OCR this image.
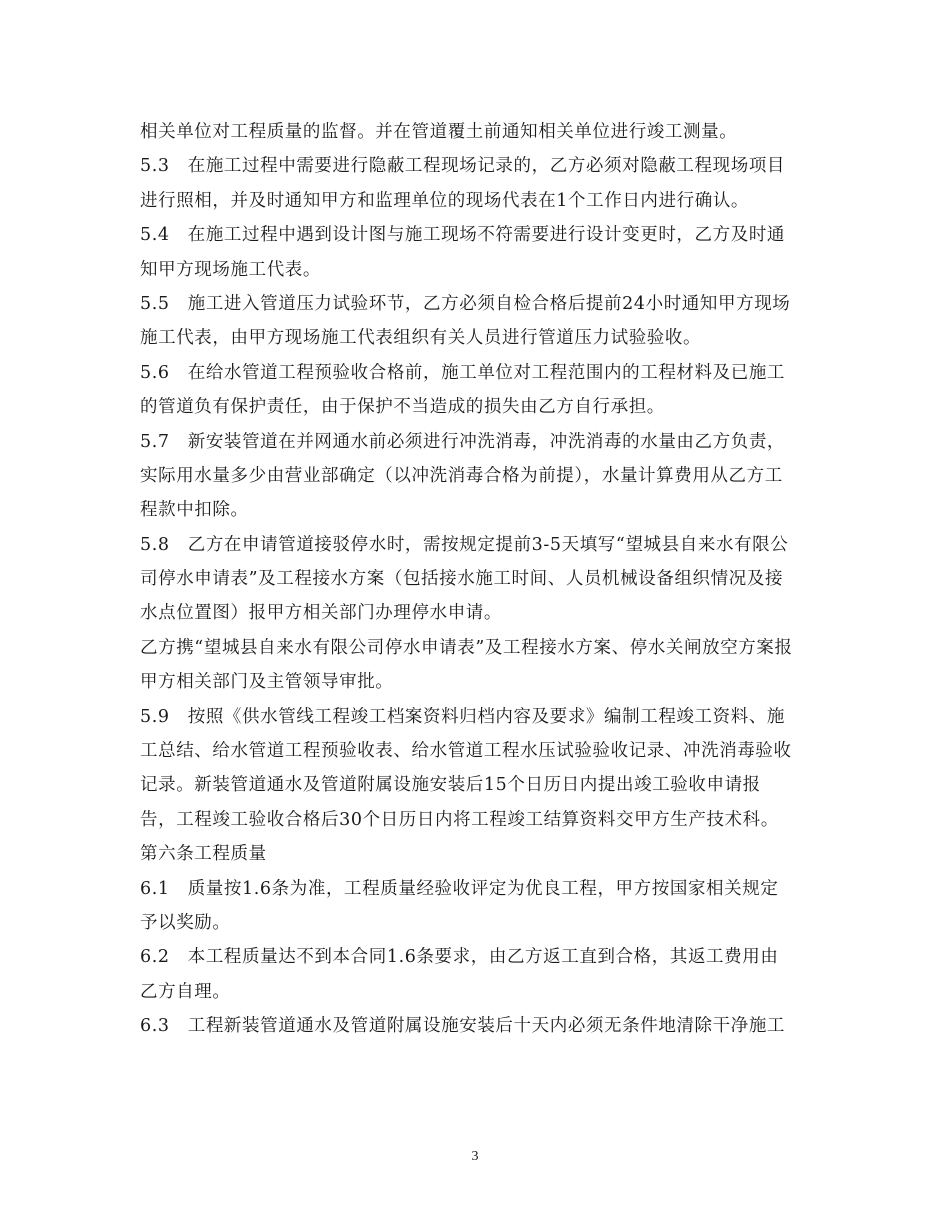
相关单位对工程质量的监督。并在管道覆土前通知相关单位进行竣工测量。
5.3　在施工过程中需要进行隐蔽工程现场记录的，乙方必须对隐蔽工程现场项目
进行照相，并及时通知甲方和监理单位的现场代表在1个工作日内进行确认。
5.4　在施工过程中遇到设计图与施工现场不符需要进行设计变更时，乙方及时通
知甲方现场施工代表。
5.5　施工进入管道压力试验环节，乙方必须自检合格后提前24小时通知甲方现场
施工代表，由甲方现场施工代表组织有关人员进行管道压力试验验收。
5.6　在给水管道工程预验收合格前，施工单位对工程范围内的工程材料及已施工
的管道负有保护责任，由于保护不当造成的损失由乙方自行承担。
5.7　新安装管道在并网通水前必须进行冲洗消毒，冲洗消毒的水量由乙方负责，
实际用水量多少由营业部确定（以冲洗消毒合格为前提），水量计算费用从乙方工
程款中扣除。
5.8　乙方在申请管道接驳停水时，需按规定提前3-5天填写“望城县自来水有限公
司停水申请表”及工程接水方案（包括接水施工时间、人员机械设备组织情况及接
水点位置图）报甲方相关部门办理停水申请。
乙方携“望城县自来水有限公司停水申请表”及工程接水方案、停水关闸放空方案报
甲方相关部门及主管领导审批。
5.9　按照《供水管线工程竣工档案资料归档内容及要求》编制工程竣工资料、施
工总结、给水管道工程预验收表、给水管道工程水压试验验收记录、冲洗消毒验收
记录。新装管道通水及管道附属设施安装后15个日历日内提出竣工验收申请报
告，工程竣工验收合格后30个日历日内将工程竣工结算资料交甲方生产技术科。
第六条工程质量
6.1　质量按1.6条为准，工程质量经验收评定为优良工程，甲方按国家相关规定
予以奖励。
6.2　本工程质量达不到本合同1.6条要求，由乙方返工直到合格，其返工费用由
乙方自理。
6.3　工程新装管道通水及管道附属设施安装后十天内必须无条件地清除干净施工
3
